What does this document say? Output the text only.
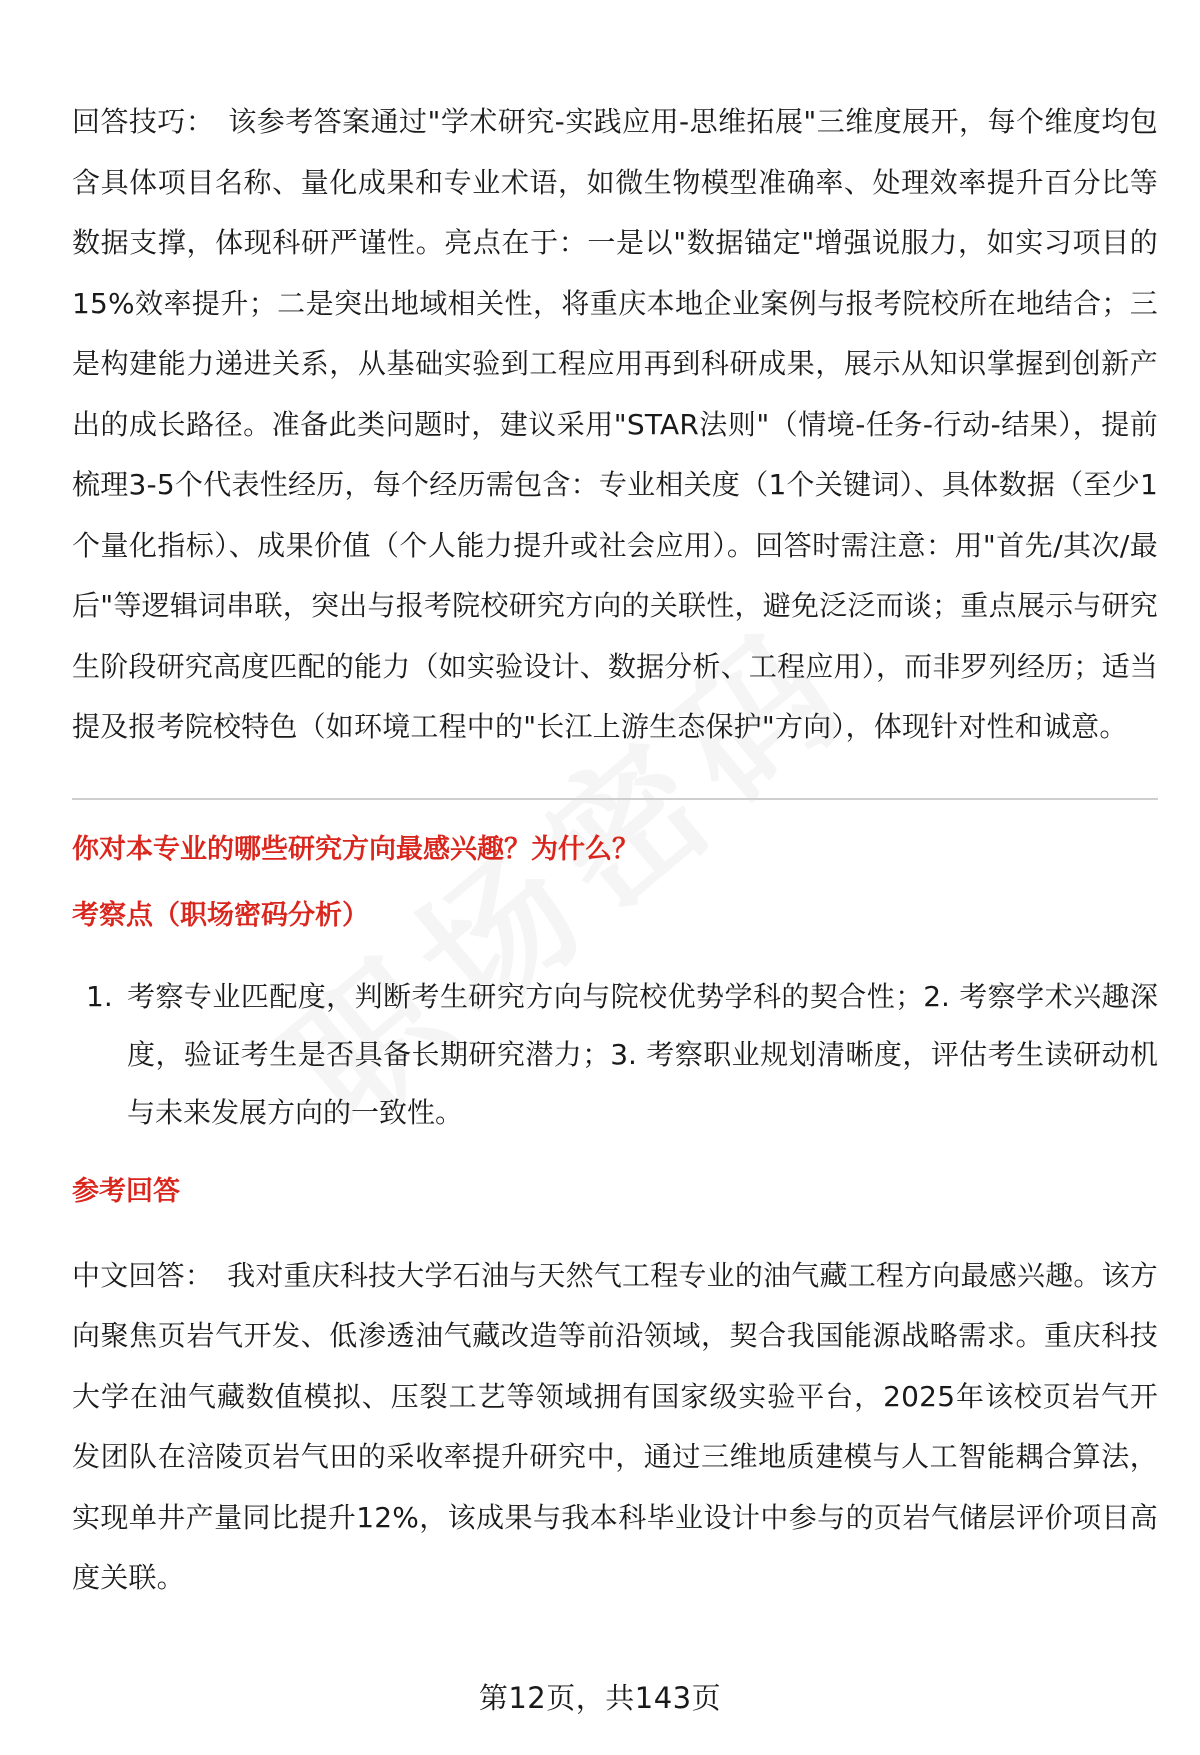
回答技巧： 该参考答案通过"学术研究-实践应用-思维拓展"三维度展开，每个维度均包含具体项目名称、量化成果和专业术语，如微生物模型准确率、处理效率提升百分比等数据支撑，体现科研严谨性。亮点在于：一是以"数据锚定"增强说服力，如实习项目的15%效率提升；二是突出地域相关性，将重庆本地企业案例与报考院校所在地结合；三是构建能力递进关系，从基础实验到工程应用再到科研成果，展示从知识掌握到创新产出的成长路径。准备此类问题时，建议采用"STAR法则"（情境-任务-行动-结果），提前梳理3-5个代表性经历，每个经历需包含：专业相关度（1个关键词）、具体数据（至少1个量化指标）、成果价值（个人能力提升或社会应用）。回答时需注意：用"首先/其次/最后"等逻辑词串联，突出与报考院校研究方向的关联性，避免泛泛而谈；重点展示与研究生阶段研究高度匹配的能力（如实验设计、数据分析、工程应用），而非罗列经历；适当提及报考院校特色（如环境工程中的"长江上游生态保护"方向），体现针对性和诚意。

你对本专业的哪些研究方向最感兴趣？为什么？
考察点（职场密码分析）
1. 考察专业匹配度，判断考生研究方向与院校优势学科的契合性；2. 考察学术兴趣深度，验证考生是否具备长期研究潜力；3. 考察职业规划清晰度，评估考生读研动机与未来发展方向的一致性。
参考回答

中文回答： 我对重庆科技大学石油与天然气工程专业的油气藏工程方向最感兴趣。该方向聚焦页岩气开发、低渗透油气藏改造等前沿领域，契合我国能源战略需求。重庆科技大学在油气藏数值模拟、压裂工艺等领域拥有国家级实验平台，2025年该校页岩气开发团队在涪陵页岩气田的采收率提升研究中，通过三维地质建模与人工智能耦合算法，实现单井产量同比提升12%，该成果与我本科毕业设计中参与的页岩气储层评价项目高度关联。

第12页，共143页
